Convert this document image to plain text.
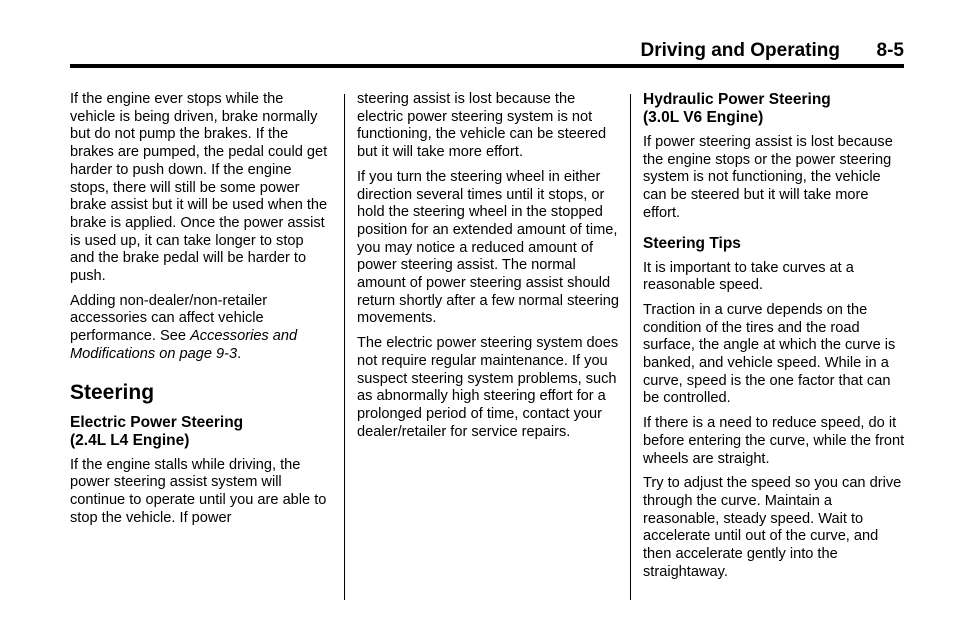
Driving and Operating 8-5

If the engine ever stops while the vehicle is being driven, brake normally but do not pump the brakes. If the brakes are pumped, the pedal could get harder to push down. If the engine stops, there will still be some power brake assist but it will be used when the brake is applied. Once the power assist is used up, it can take longer to stop and the brake pedal will be harder to push.

Adding non-dealer/non-retailer accessories can affect vehicle performance. See Accessories and Modifications on page 9-3.

Steering
Electric Power Steering
(2.4L L4 Engine)

If the engine stalls while driving, the power steering assist system will continue to operate until you are able to stop the vehicle. If power

steering assist is lost because the electric power steering system is not functioning, the vehicle can be steered but it will take more effort.

If you turn the steering wheel in either direction several times until it stops, or hold the steering wheel in the stopped position for an extended amount of time, you may notice a reduced amount of power steering assist. The normal amount of power steering assist should return shortly after a few normal steering movements.

The electric power steering system does not require regular maintenance. If you suspect steering system problems, such as abnormally high steering effort for a prolonged period of time, contact your dealer/retailer for service repairs.

Hydraulic Power Steering
(3.0L V6 Engine)

If power steering assist is lost because the engine stops or the power steering system is not functioning, the vehicle can be steered but it will take more effort.

Steering Tips

It is important to take curves at a reasonable speed.

Traction in a curve depends on the condition of the tires and the road surface, the angle at which the curve is banked, and vehicle speed. While in a curve, speed is the one factor that can be controlled.

If there is a need to reduce speed, do it before entering the curve, while the front wheels are straight.

Try to adjust the speed so you can drive through the curve. Maintain a reasonable, steady speed. Wait to accelerate until out of the curve, and then accelerate gently into the straightaway.
